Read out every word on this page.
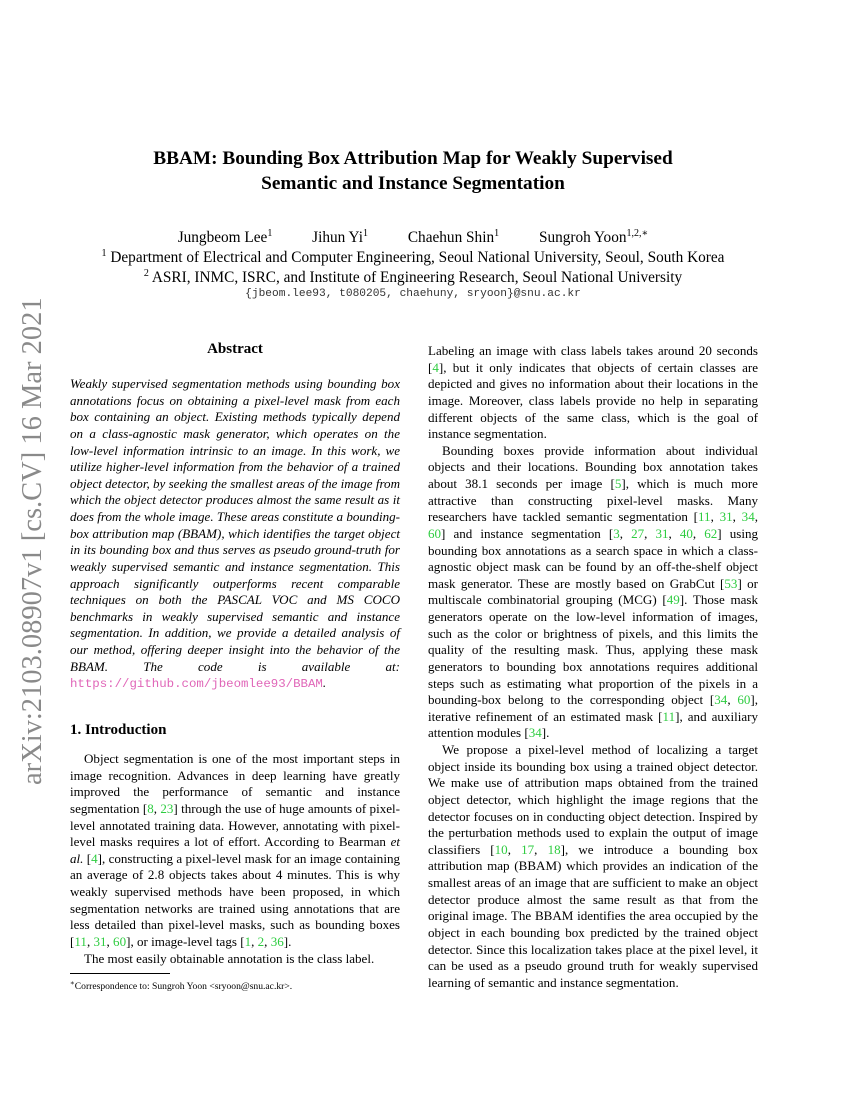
arXiv:2103.08907v1 [cs.CV] 16 Mar 2021
BBAM: Bounding Box Attribution Map for Weakly Supervised
Semantic and Instance Segmentation
Jungbeom Lee$^1$	Jihun Yi$^1$	Chaehun Shin$^1$	Sungroh Yoon$^{1,2,∗}$
$^1$ Department of Electrical and Computer Engineering, Seoul National University, Seoul, South Korea
$^2$ ASRI, INMC, ISRC, and Institute of Engineering Research, Seoul National University
{jbeom.lee93, t080205, chaehuny, sryoon}@snu.ac.kr
Abstract
Weakly supervised segmentation methods using bounding box annotations focus on obtaining a pixel-level mask from each box containing an object. Existing methods typically depend on a class-agnostic mask generator, which operates on the low-level information intrinsic to an image. In this work, we utilize higher-level information from the behavior of a trained object detector, by seeking the smallest areas of the image from which the object detector produces almost the same result as it does from the whole image. These areas constitute a bounding-box attribution map (BBAM), which identifies the target object in its bounding box and thus serves as pseudo ground-truth for weakly supervised semantic and instance segmentation. This approach significantly outperforms recent comparable techniques on both the PASCAL VOC and MS COCO benchmarks in weakly supervised semantic and instance segmentation. In addition, we provide a detailed analysis of our method, offering deeper insight into the behavior of the BBAM. The code is available at: https://github.com/jbeomlee93/BBAM.
1. Introduction

Object segmentation is one of the most important steps in image recognition. Advances in deep learning have greatly improved the performance of semantic and instance segmentation [8, 23] through the use of huge amounts of pixel-level annotated training data. However, annotating with pixel-level masks requires a lot of effort. According to Bearman et al. [4], constructing a pixel-level mask for an image containing an average of 2.8 objects takes about 4 minutes. This is why weakly supervised methods have been proposed, in which segmentation networks are trained using annotations that are less detailed than pixel-level masks, such as bounding boxes [11, 31, 60], or image-level tags [1, 2, 36].

The most easily obtainable annotation is the class label.

∗Correspondence to: Sungroh Yoon <sryoon@snu.ac.kr>.

Labeling an image with class labels takes around 20 seconds [4], but it only indicates that objects of certain classes are depicted and gives no information about their locations in the image. Moreover, class labels provide no help in separating different objects of the same class, which is the goal of instance segmentation.

Bounding boxes provide information about individual objects and their locations. Bounding box annotation takes about 38.1 seconds per image [5], which is much more attractive than constructing pixel-level masks. Many researchers have tackled semantic segmentation [11, 31, 34, 60] and instance segmentation [3, 27, 31, 40, 62] using bounding box annotations as a search space in which a class-agnostic object mask can be found by an off-the-shelf object mask generator. These are mostly based on GrabCut [53] or multiscale combinatorial grouping (MCG) [49]. Those mask generators operate on the low-level information of images, such as the color or brightness of pixels, and this limits the quality of the resulting mask. Thus, applying these mask generators to bounding box annotations requires additional steps such as estimating what proportion of the pixels in a bounding-box belong to the corresponding object [34, 60], iterative refinement of an estimated mask [11], and auxiliary attention modules [34].

We propose a pixel-level method of localizing a target object inside its bounding box using a trained object detector. We make use of attribution maps obtained from the trained object detector, which highlight the image regions that the detector focuses on in conducting object detection. Inspired by the perturbation methods used to explain the output of image classifiers [10, 17, 18], we introduce a bounding box attribution map (BBAM) which provides an indication of the smallest areas of an image that are sufficient to make an object detector produce almost the same result as that from the original image. The BBAM identifies the area occupied by the object in each bounding box predicted by the trained object detector. Since this localization takes place at the pixel level, it can be used as a pseudo ground truth for weakly supervised learning of semantic and instance segmentation.
